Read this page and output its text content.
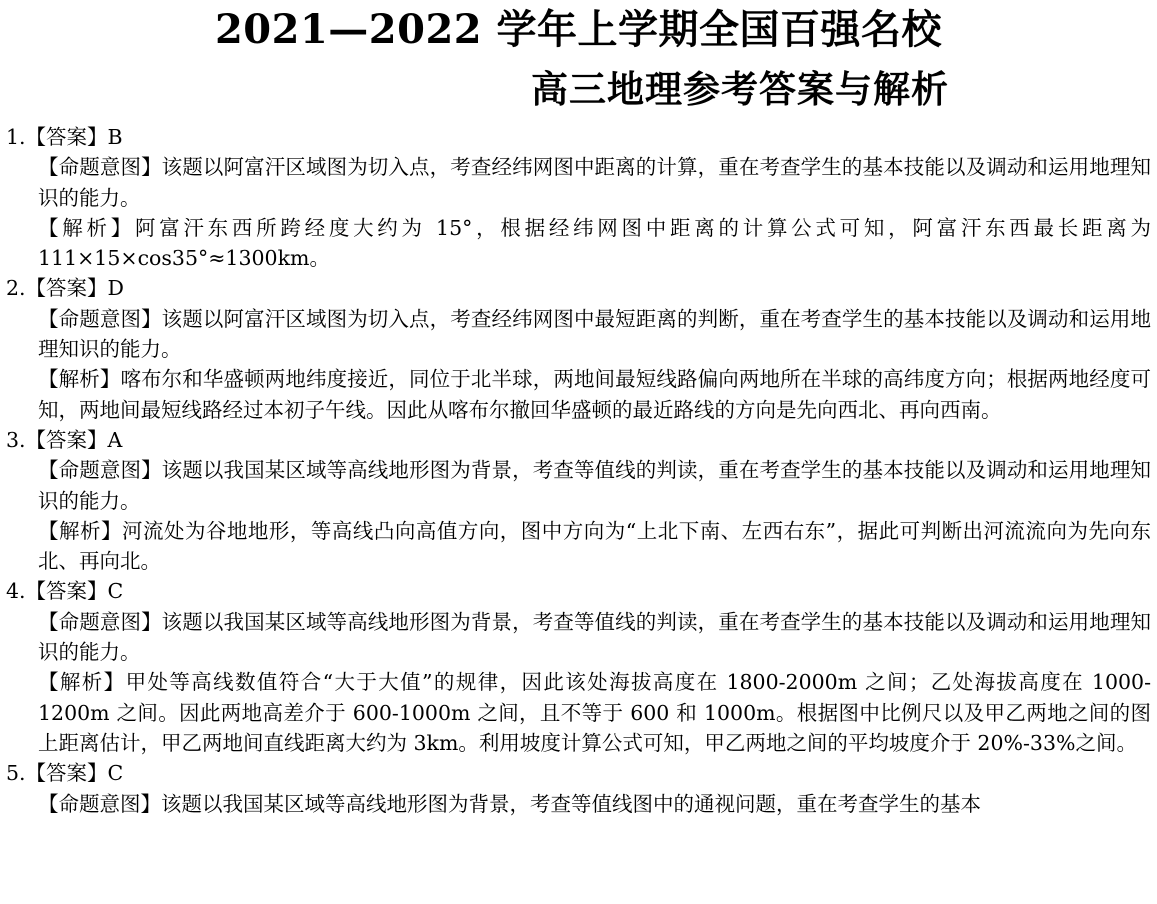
2021—2022 学年上学期全国百强名校
高三地理参考答案与解析
1.【答案】B
【命题意图】该题以阿富汗区域图为切入点，考查经纬网图中距离的计算，重在考查学生的基本技能以及调动和运用地理知识的能力。
【解析】阿富汗东西所跨经度大约为 15°，根据经纬网图中距离的计算公式可知，阿富汗东西最长距离为 111×15×cos35°≈1300km。
2.【答案】D
【命题意图】该题以阿富汗区域图为切入点，考查经纬网图中最短距离的判断，重在考查学生的基本技能以及调动和运用地理知识的能力。
【解析】喀布尔和华盛顿两地纬度接近，同位于北半球，两地间最短线路偏向两地所在半球的高纬度方向；根据两地经度可知，两地间最短线路经过本初子午线。因此从喀布尔撤回华盛顿的最近路线的方向是先向西北、再向西南。
3.【答案】A
【命题意图】该题以我国某区域等高线地形图为背景，考查等值线的判读，重在考查学生的基本技能以及调动和运用地理知识的能力。
【解析】河流处为谷地地形，等高线凸向高值方向，图中方向为“上北下南、左西右东”，据此可判断出河流流向为先向东北、再向北。
4.【答案】C
【命题意图】该题以我国某区域等高线地形图为背景，考查等值线的判读，重在考查学生的基本技能以及调动和运用地理知识的能力。
【解析】甲处等高线数值符合“大于大值”的规律，因此该处海拔高度在 1800-2000m 之间；乙处海拔高度在 1000-1200m 之间。因此两地高差介于 600-1000m 之间，且不等于 600 和 1000m。根据图中比例尺以及甲乙两地之间的图上距离估计，甲乙两地间直线距离大约为 3km。利用坡度计算公式可知，甲乙两地之间的平均坡度介于 20%-33%之间。
5.【答案】C
【命题意图】该题以我国某区域等高线地形图为背景，考查等值线图中的通视问题，重在考查学生的基本
